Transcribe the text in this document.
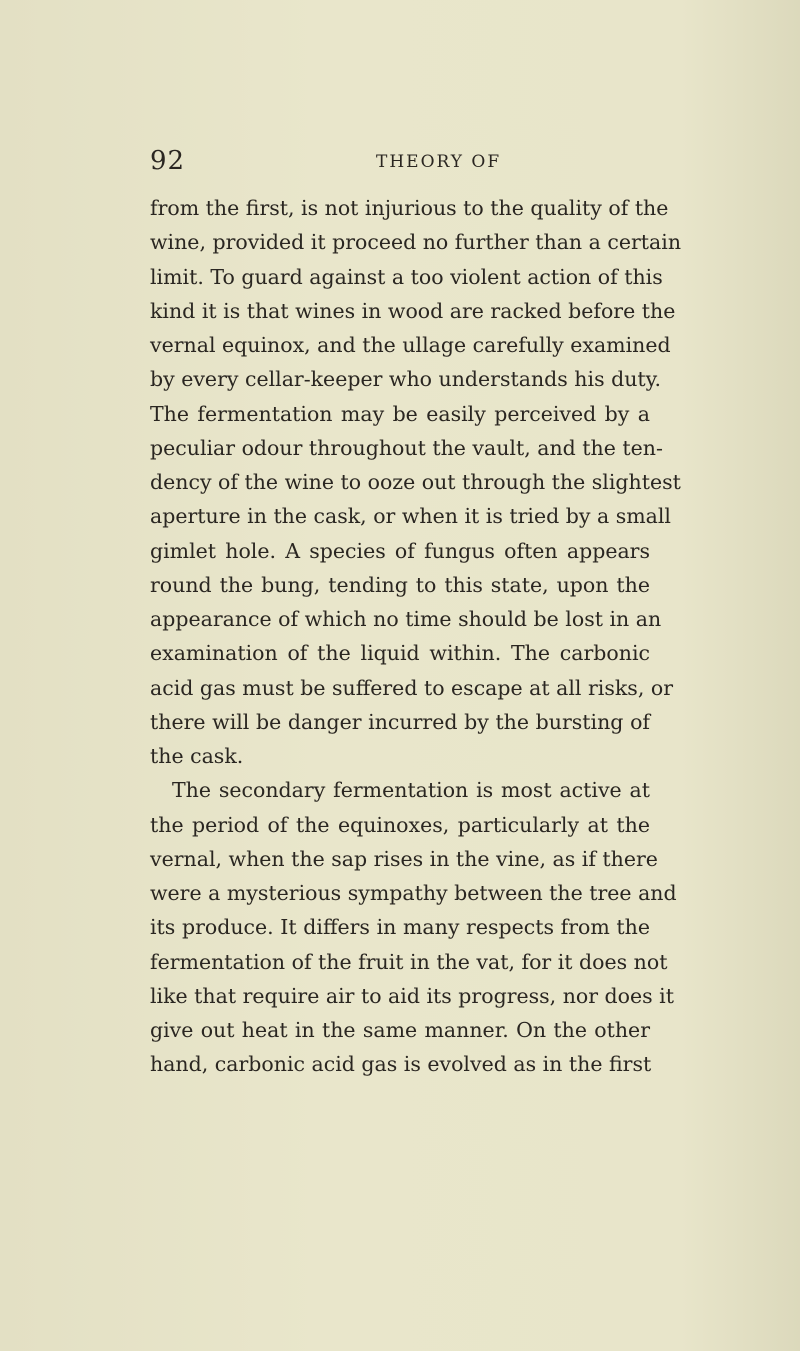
92	THEORY OF
from the first, is not injurious to the quality of the
wine, provided it proceed no further than a certain
limit. To guard against a too violent action of this
kind it is that wines in wood are racked before the
vernal equinox, and the ullage carefully examined
by every cellar-keeper who understands his duty.
The fermentation may be easily perceived by a
peculiar odour throughout the vault, and the ten-
dency of the wine to ooze out through the slightest
aperture in the cask, or when it is tried by a small
gimlet hole. A species of fungus often appears
round the bung, tending to this state, upon the
appearance of which no time should be lost in an
examination of the liquid within. The carbonic
acid gas must be suffered to escape at all risks, or
there will be danger incurred by the bursting of
the cask.
The secondary fermentation is most active at
the period of the equinoxes, particularly at the
vernal, when the sap rises in the vine, as if there
were a mysterious sympathy between the tree and
its produce. It differs in many respects from the
fermentation of the fruit in the vat, for it does not
like that require air to aid its progress, nor does it
give out heat in the same manner. On the other
hand, carbonic acid gas is evolved as in the first
